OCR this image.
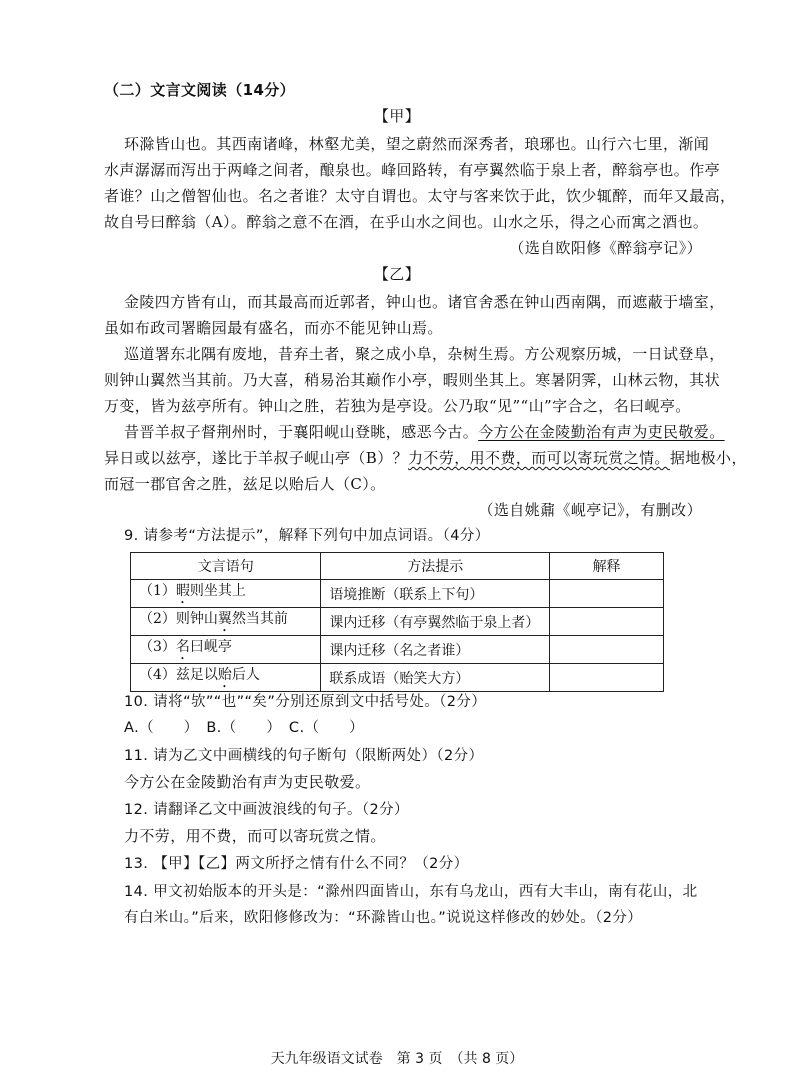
（二）文言文阅读（14分）
【甲】
环滁皆山也。其西南诸峰，林壑尤美，望之蔚然而深秀者，琅琊也。山行六七里，渐闻
水声潺潺而泻出于两峰之间者，酿泉也。峰回路转，有亭翼然临于泉上者，醉翁亭也。作亭
者谁？山之僧智仙也。名之者谁？太守自谓也。太守与客来饮于此，饮少辄醉，而年又最高，
故自号曰醉翁（A）。醉翁之意不在酒，在乎山水之间也。山水之乐，得之心而寓之酒也。
（选自欧阳修《醉翁亭记》）
【乙】
金陵四方皆有山，而其最高而近郭者，钟山也。诸官舍悉在钟山西南隅，而遮蔽于墙室，
虽如布政司署瞻园最有盛名，而亦不能见钟山焉。
巡道署东北隅有废地，昔弃土者，聚之成小阜，杂树生焉。方公观察历城，一日试登阜，
则钟山翼然当其前。乃大喜，稍易治其巅作小亭，暇则坐其上。寒暑阴霁，山林云物，其状
万变，皆为兹亭所有。钟山之胜，若独为是亭设。公乃取“见”“山”字合之，名曰岘亭。
昔晋羊叔子督荆州时，于襄阳岘山登眺，感恶今古。今方公在金陵勤治有声为吏民敬爱。
异日或以兹亭，遂比于羊叔子岘山亭（B）？力不劳，用不费，而可以寄玩赏之情。据地极小，
而冠一郡官舍之胜，兹足以贻后人（C）。
（选自姚鼐《岘亭记》，有删改）
9. 请参考“方法提示”，解释下列句中加点词语。（4分）
文言语句	方法提示	解释
（1）暇则坐其上	语境推断（联系上下句）	
（2）则钟山翼然当其前	课内迁移（有亭翼然临于泉上者）	
（3）名曰岘亭	课内迁移（名之者谁）	
（4）兹足以贻后人	联系成语（贻笑大方）	
10. 请将“欤”“也”“矣”分别还原到文中括号处。（2分）
A.（　　）　B.（　　）　C.（　　）
11. 请为乙文中画横线的句子断句（限断两处）（2分）
今方公在金陵勤治有声为吏民敬爱。
12. 请翻译乙文中画波浪线的句子。（2分）
力不劳，用不费，而可以寄玩赏之情。
13. 【甲】【乙】两文所抒之情有什么不同？（2分）
14. 甲文初始版本的开头是：“滁州四面皆山，东有乌龙山，西有大丰山，南有花山，北
有白米山。”后来，欧阳修修改为：“环滁皆山也。”说说这样修改的妙处。（2分）
天九年级语文试卷　第 3 页　（共 8 页）
